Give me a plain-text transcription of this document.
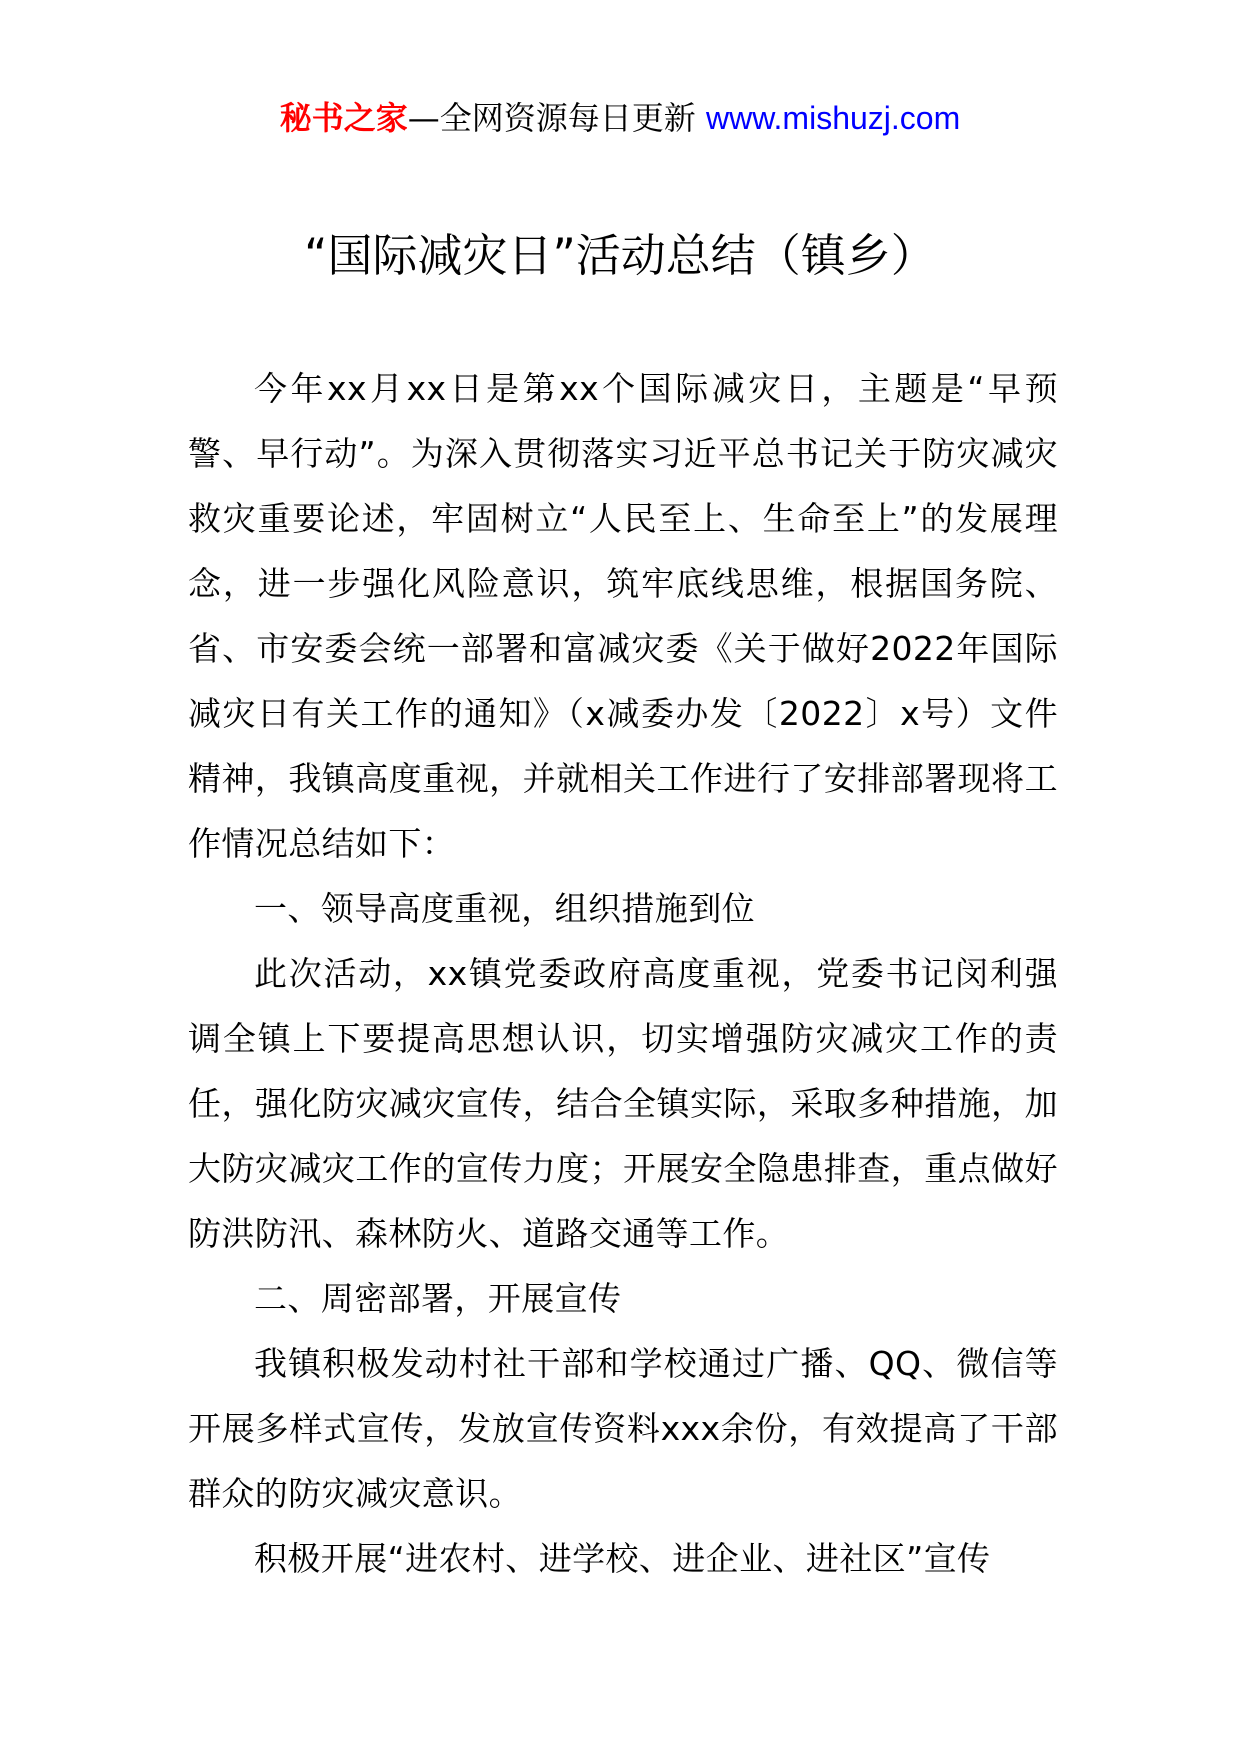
秘书之家—全网资源每日更新 www.mishuzj.com
“国际减灾日”活动总结（镇乡）

今年xx月xx日是第xx个国际减灾日，主题是“早预警、早行动”。为深入贯彻落实习近平总书记关于防灾减灾救灾重要论述，牢固树立“人民至上、生命至上”的发展理念，进一步强化风险意识，筑牢底线思维，根据国务院、省、市安委会统一部署和富减灾委《关于做好2022年国际减灾日有关工作的通知》（x减委办发〔2022〕x号）文件精神，我镇高度重视，并就相关工作进行了安排部署现将工作情况总结如下：

一、领导高度重视，组织措施到位

此次活动，xx镇党委政府高度重视，党委书记闵利强调全镇上下要提高思想认识，切实增强防灾减灾工作的责任，强化防灾减灾宣传，结合全镇实际，采取多种措施，加大防灾减灾工作的宣传力度；开展安全隐患排查，重点做好防洪防汛、森林防火、道路交通等工作。

二、周密部署，开展宣传

我镇积极发动村社干部和学校通过广播、QQ、微信等开展多样式宣传，发放宣传资料xxx余份，有效提高了干部群众的防灾减灾意识。

积极开展“进农村、进学校、进企业、进社区”宣传
